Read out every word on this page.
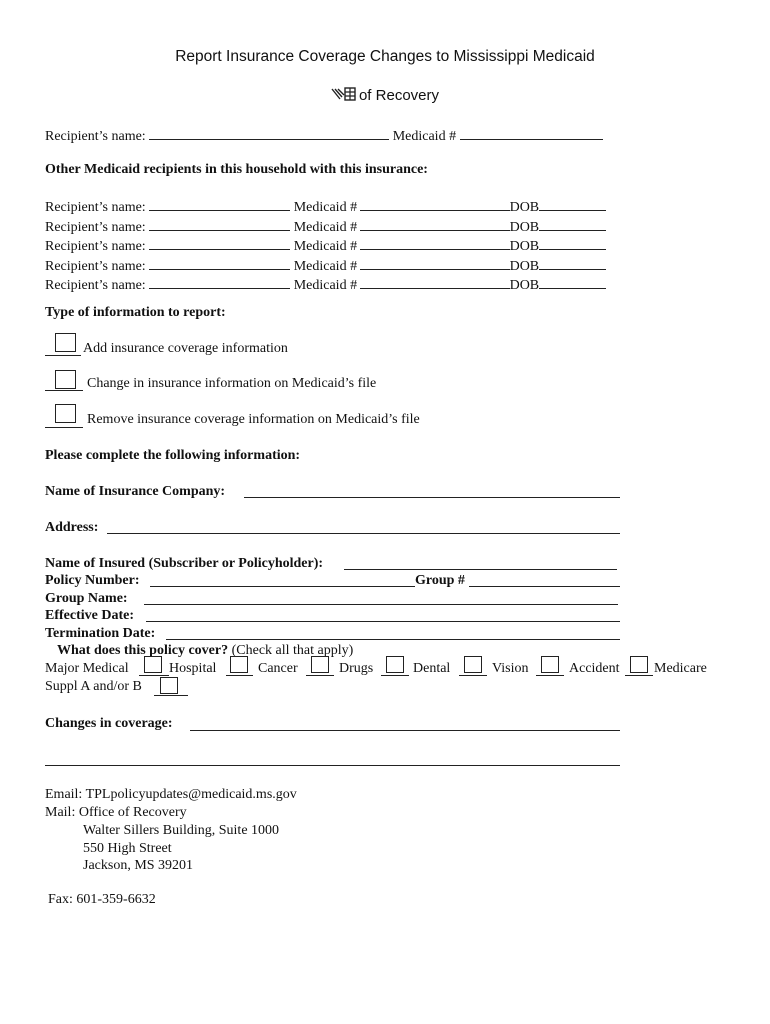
Report Insurance Coverage Changes to Mississippi Medicaid
of Recovery
Recipient’s name:	Medicaid #
Other Medicaid recipients in this household with this insurance:
Recipient’s name:	Medicaid #	DOB
Recipient’s name:	Medicaid #	DOB
Recipient’s name:	Medicaid #	DOB
Recipient’s name:	Medicaid #	DOB
Recipient’s name:	Medicaid #	DOB
Type of information to report:
Add insurance coverage information
Change in insurance information on Medicaid’s file
Remove insurance coverage information on Medicaid’s file
Please complete the following information:
Name of Insurance Company:
Address:
Name of Insured (Subscriber or Policyholder):
Policy Number:	Group #
Group Name:
Effective Date:
Termination Date:
What does this policy cover? (Check all that apply)
Major Medical	Hospital	Cancer	Drugs	Dental	Vision	Accident Medicare
Suppl A and/or B
Changes in coverage:
Email: TPLpolicyupdates@medicaid.ms.gov
Mail: Office of Recovery
Walter Sillers Building, Suite 1000
550 High Street
Jackson, MS 39201
Fax: 601-359-6632
